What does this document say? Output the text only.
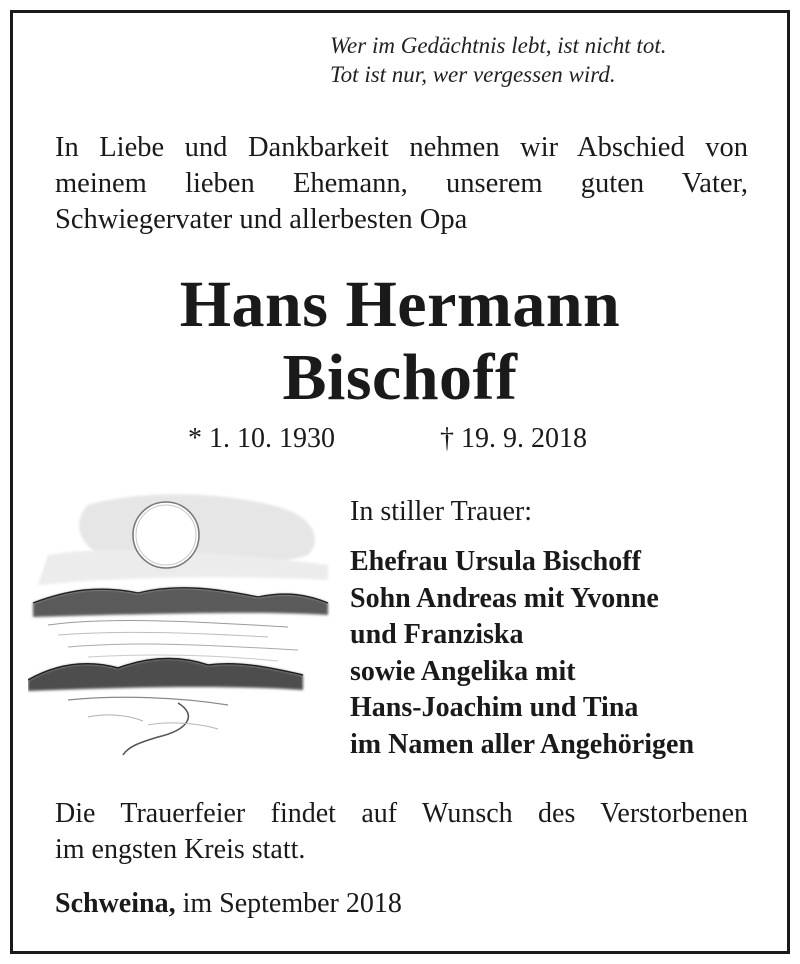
Wer im Gedächtnis lebt, ist nicht tot.
Tot ist nur, wer vergessen wird.
In Liebe und Dankbarkeit nehmen wir Abschied von
meinem lieben Ehemann, unserem guten Vater,
Schwiegervater und allerbesten Opa
Hans Hermann
Bischoff
* 1. 10. 1930	† 19. 9. 2018
In stiller Trauer:
Ehefrau Ursula Bischoff
Sohn Andreas mit Yvonne
und Franziska
sowie Angelika mit
Hans-Joachim und Tina
im Namen aller Angehörigen
Die Trauerfeier findet auf Wunsch des Verstorbenen
im engsten Kreis statt.
Schweina, im September 2018
